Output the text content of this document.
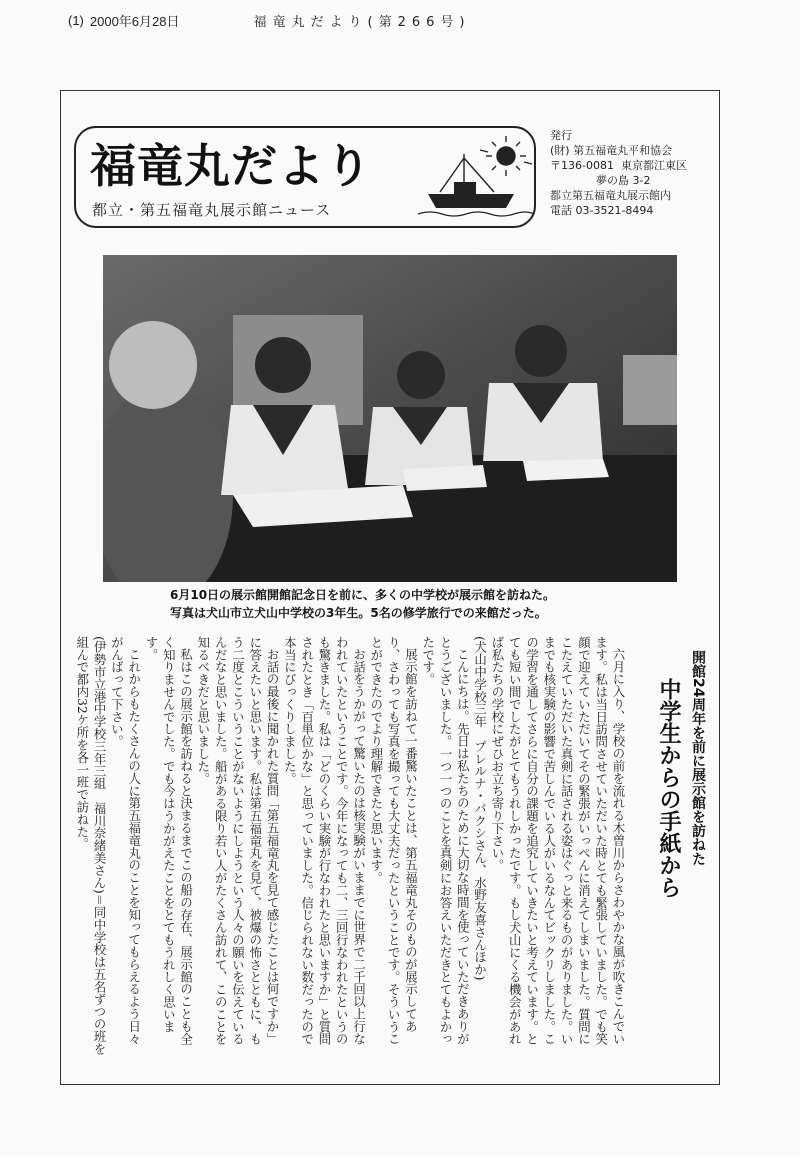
(1) 2000年6月28日	福竜丸だより(第266号)
福竜丸だより
都立・第五福竜丸展示館ニュース
発行
(財) 第五福竜丸平和協会
〒136-0081 東京都江東区
夢の島 3-2
都立第五福竜丸展示館内
電話 03-3521-8494
6月10日の展示館開館記念日を前に、多くの中学校が展示館を訪ねた。
写真は犬山市立犬山中学校の3年生。5名の修学旅行での来館だった。
開館24周年を前に展示館を訪ねた
中学生からの手紙から

六月に入り、学校の前を流れる木曽川からさわやかな風が吹きこんでいます。私は当日訪問させていただいた時とても緊張していました。でも笑顔で迎えていただいてその緊張がいっぺんに消えてしまいました。質問にこたえていただいた真剣に話される姿はぐっと来るものがありました。いまでも核実験の影響で苦しんでいる人がいるなんてビックリしました。この学習を通してさらに自分の課題を追究していきたいと考えています。とても短い間でしたがとてもうれしかったです。もし犬山にくる機会があれば私たちの学校にぜひお立ち寄り下さい。

(犬山中学校三年　プレルナ・バクシさん、水野友喜さんほか)

こんにちは。先日は私たちのために大切な時間を使っていただきありがとうございました。一つ一つのことを真剣にお答えいただきとてもよかったです。

展示館を訪ねて一番驚いたことは、第五福竜丸そのものが展示してあり、さわっても写真を撮っても大丈夫だったということです。そういうことができたのでより理解できたと思います。

お話をうかがって驚いたのは核実験がいままでに世界で二千回以上行なわれていたということです。今年になっても二、三回行なわれたというのも驚きました。私は「どのくらい実験が行なわれたと思いますか」と質問されたとき「百単位かな」と思っていました。信じられない数だったので本当にびっくりしました。

お話の最後に聞かれた質問「第五福竜丸を見て感じたことは何ですか」に答えたいと思います。私は第五福竜丸を見て、被爆の怖さとともに、もう二度とこういうことがないようにしようという人々の願いを伝えているんだなと思いました。船がある限り若い人がたくさん訪れて、このことを知るべきだと思いました。

私はこの展示館を訪ねると決まるまでこの船の存在、展示館のことも全く知りませんでした。でも今はうかがえたことをとてもうれしく思います。

これからもたくさんの人に第五福竜丸のことを知ってもらえるよう日々がんばって下さい。

(伊勢市立港中学校三年三組　福川奈緒美さん)＝同中学校は五名ずつの班を組んで都内32ケ所を各一班で訪ねた。
